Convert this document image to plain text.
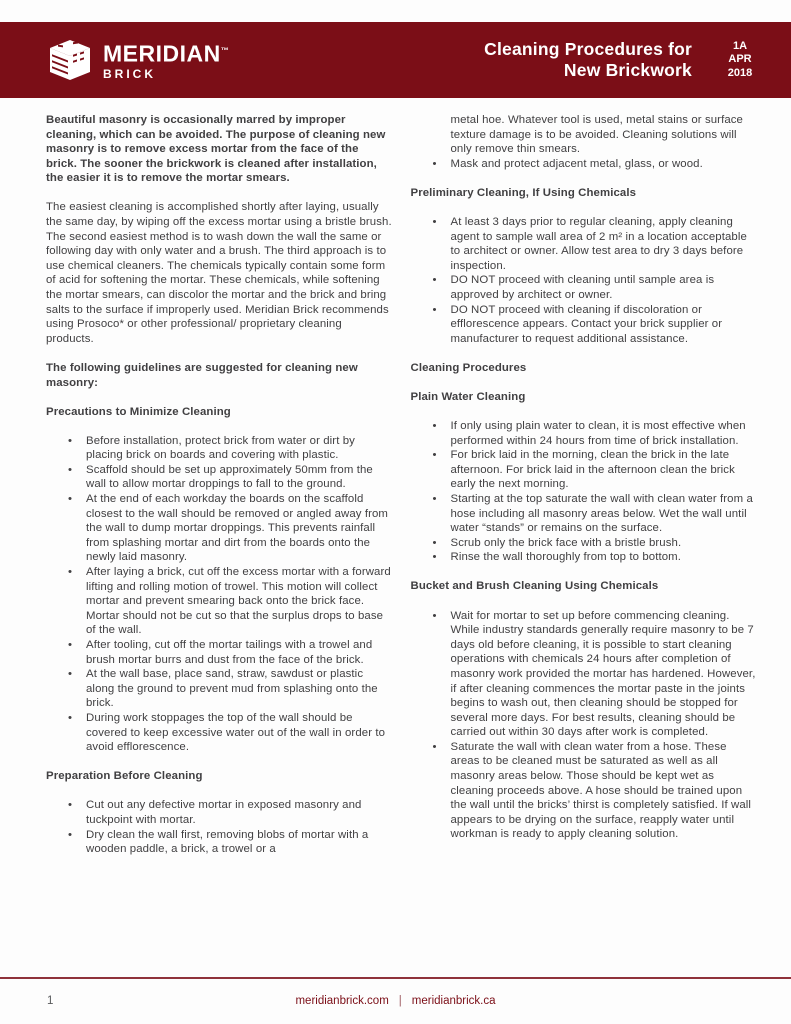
MERIDIAN™
BRICK
Cleaning Procedures for
New Brickwork
1A
APR
2018

Beautiful masonry is occasionally marred by improper cleaning, which can be avoided. The purpose of cleaning new masonry is to remove excess mortar from the face of the brick. The sooner the brickwork is cleaned after installation, the easier it is to remove the mortar smears.

The easiest cleaning is accomplished shortly after laying, usually the same day, by wiping off the excess mortar using a bristle brush. The second easiest method is to wash down the wall the same or following day with only water and a brush. The third approach is to use chemical cleaners. The chemicals typically contain some form of acid for softening the mortar. These chemicals, while softening the mortar smears, can discolor the mortar and the brick and bring salts to the surface if improperly used. Meridian Brick recommends using Prosoco* or other professional/ proprietary cleaning products.

The following guidelines are suggested for cleaning new masonry:

Precautions to Minimize Cleaning
• Before installation, protect brick from water or dirt by placing brick on boards and covering with plastic.
• Scaffold should be set up approximately 50mm from the wall to allow mortar droppings to fall to the ground.
• At the end of each workday the boards on the scaffold closest to the wall should be removed or angled away from the wall to dump mortar droppings. This prevents rainfall from splashing mortar and dirt from the boards onto the newly laid masonry.
• After laying a brick, cut off the excess mortar with a forward lifting and rolling motion of trowel. This motion will collect mortar and prevent smearing back onto the brick face. Mortar should not be cut so that the surplus drops to base of the wall.
• After tooling, cut off the mortar tailings with a trowel and brush mortar burrs and dust from the face of the brick.
• At the wall base, place sand, straw, sawdust or plastic along the ground to prevent mud from splashing onto the brick.
• During work stoppages the top of the wall should be covered to keep excessive water out of the wall in order to avoid efflorescence.
Preparation Before Cleaning
• Cut out any defective mortar in exposed masonry and tuckpoint with mortar.
• Dry clean the wall first, removing blobs of mortar with a wooden paddle, a brick, a trowel or a
metal hoe. Whatever tool is used, metal stains or surface texture damage is to be avoided. Cleaning solutions will only remove thin smears.
• Mask and protect adjacent metal, glass, or wood.
Preliminary Cleaning, If Using Chemicals
• At least 3 days prior to regular cleaning, apply cleaning agent to sample wall area of 2 m² in a location acceptable to architect or owner. Allow test area to dry 3 days before inspection.
• DO NOT proceed with cleaning until sample area is approved by architect or owner.
• DO NOT proceed with cleaning if discoloration or efflorescence appears. Contact your brick supplier or manufacturer to request additional assistance.
Cleaning Procedures
Plain Water Cleaning
• If only using plain water to clean, it is most effective when performed within 24 hours from time of brick installation.
• For brick laid in the morning, clean the brick in the late afternoon. For brick laid in the afternoon clean the brick early the next morning.
• Starting at the top saturate the wall with clean water from a hose including all masonry areas below. Wet the wall until water “stands” or remains on the surface.
• Scrub only the brick face with a bristle brush.
• Rinse the wall thoroughly from top to bottom.
Bucket and Brush Cleaning Using Chemicals
• Wait for mortar to set up before commencing cleaning. While industry standards generally require masonry to be 7 days old before cleaning, it is possible to start cleaning operations with chemicals 24 hours after completion of masonry work provided the mortar has hardened. However, if after cleaning commences the mortar paste in the joints begins to wash out, then cleaning should be stopped for several more days. For best results, cleaning should be carried out within 30 days after work is completed.
• Saturate the wall with clean water from a hose. These areas to be cleaned must be saturated as well as all masonry areas below. Those should be kept wet as cleaning proceeds above. A hose should be trained upon the wall until the bricks’ thirst is completely satisfied. If wall appears to be drying on the surface, reapply water until workman is ready to apply cleaning solution.
1	meridianbrick.com | meridianbrick.ca
